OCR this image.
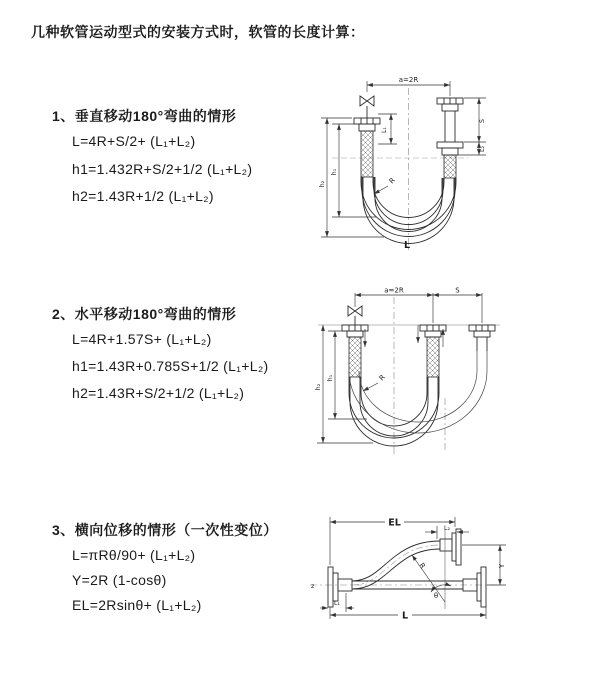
几种软管运动型式的安装方式时，软管的长度计算：
1、垂直移动180°弯曲的情形
L=4R+S/2+ (L₁+L₂)
h1=1.432R+S/2+1/2 (L₁+L₂)
h2=1.43R+1/2 (L₁+L₂)
2、水平移动180°弯曲的情形
L=4R+1.57S+ (L₁+L₂)
h1=1.43R+0.785S+1/2 (L₁+L₂)
h2=1.43R+S/2+1/2 (L₁+L₂)
3、横向位移的情形（一次性变位）
L=πRθ/90+ (L₁+L₂)
Y=2R (1-cosθ)
EL=2Rsinθ+ (L₁+L₂)
a=2R
R
L
h₂
h₁
L₁
S
L₂
a=2R	S
R
h₂
h₁
z
R
θ
EL	L₂
Y
L
L₁
